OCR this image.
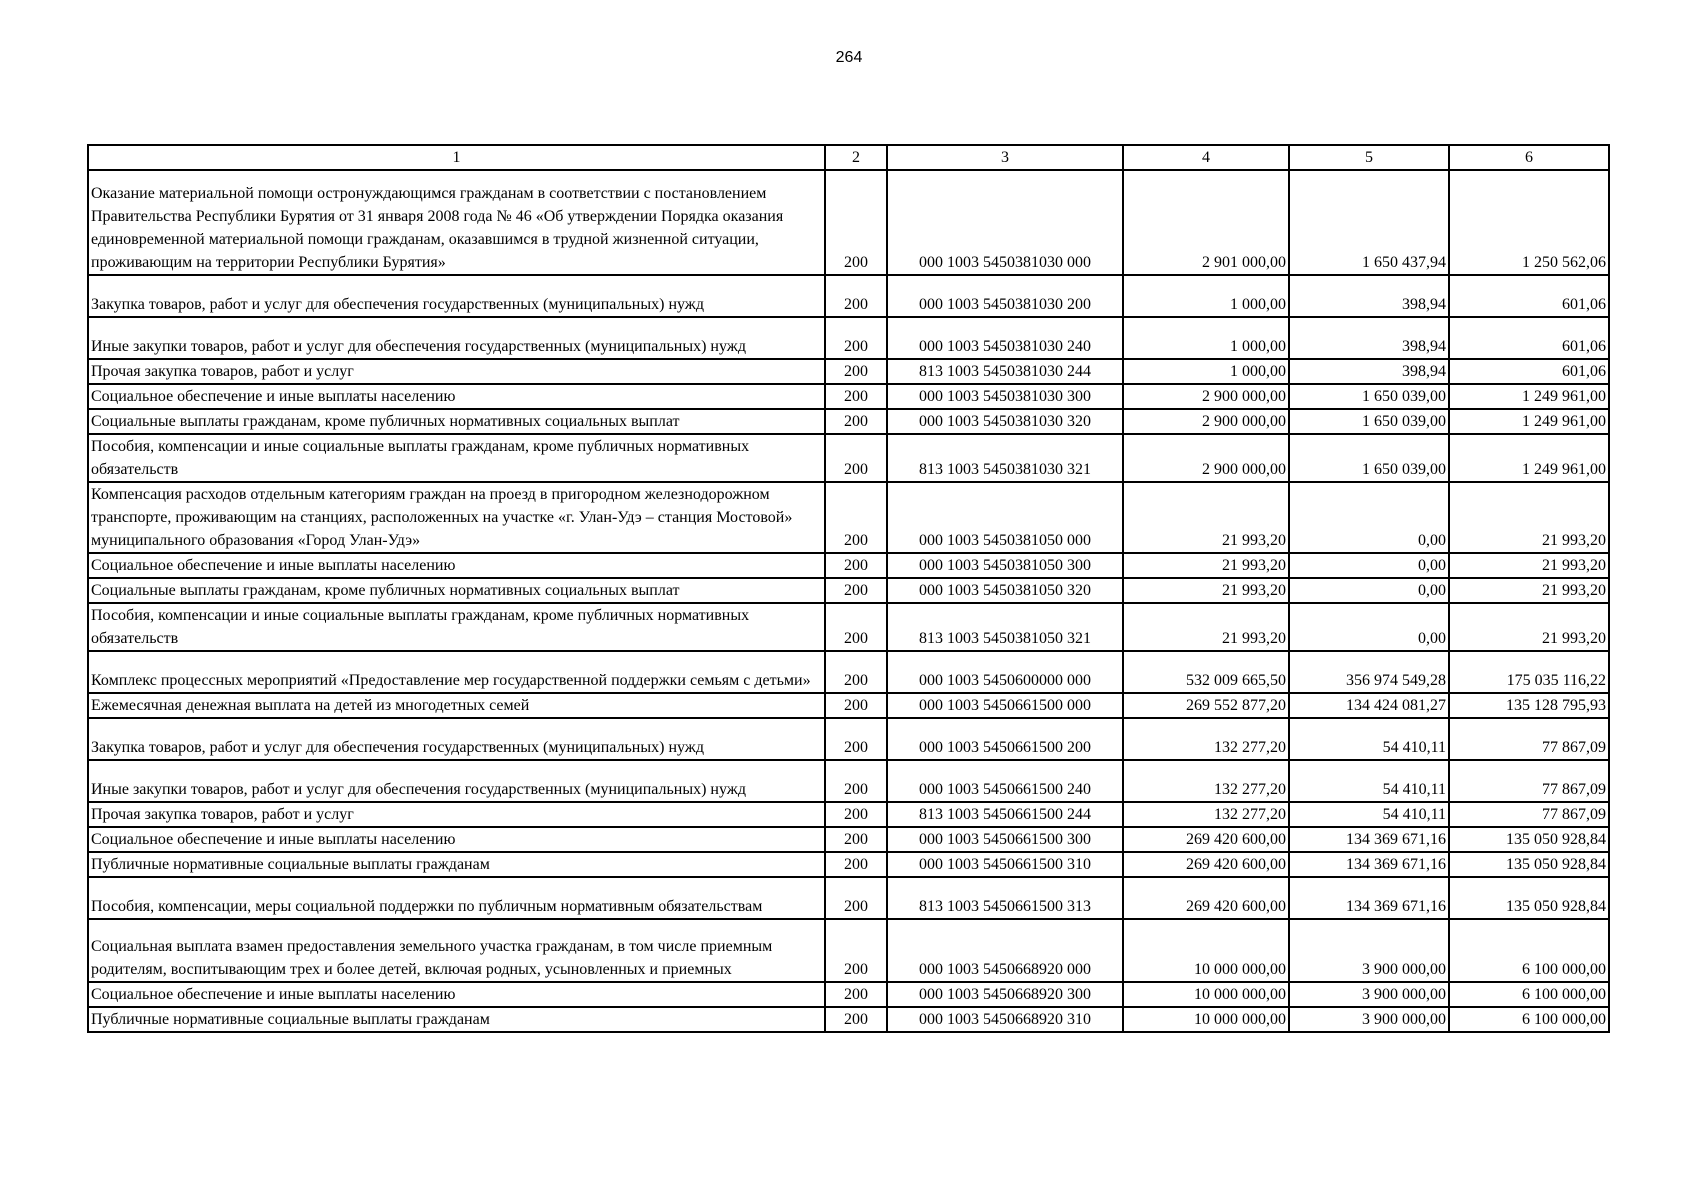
264
1	2	3	4	5	6
Оказание материальной помощи остронуждающимся гражданам в соответствии с постановлением Правительства Республики Бурятия от 31 января 2008 года № 46 «Об утверждении Порядка оказания единовременной материальной помощи гражданам, оказавшимся в трудной жизненной ситуации, проживающим на территории Республики Бурятия»	200	000 1003 5450381030 000	2 901 000,00	1 650 437,94	1 250 562,06

Закупка товаров, работ и услуг для обеспечения государственных (муниципальных) нужд	200	000 1003 5450381030 200	1 000,00	398,94	601,06
Иные закупки товаров, работ и услуг для обеспечения государственных (муниципальных) нужд	200	000 1003 5450381030 240	1 000,00	398,94	601,06
Прочая закупка товаров, работ и услуг	200	813 1003 5450381030 244	1 000,00	398,94	601,06
Социальное обеспечение и иные выплаты населению	200	000 1003 5450381030 300	2 900 000,00	1 650 039,00	1 249 961,00
Социальные выплаты гражданам, кроме публичных нормативных социальных выплат	200	000 1003 5450381030 320	2 900 000,00	1 650 039,00	1 249 961,00
Пособия, компенсации и иные социальные выплаты гражданам, кроме публичных нормативных обязательств	200	813 1003 5450381030 321	2 900 000,00	1 650 039,00	1 249 961,00
Компенсация расходов отдельным категориям граждан на проезд в пригородном железнодорожном транспорте, проживающим на станциях, расположенных на участке «г. Улан-Удэ – станция Мостовой» муниципального образования «Город Улан-Удэ»	200	000 1003 5450381050 000	21 993,20	0,00	21 993,20
Социальное обеспечение и иные выплаты населению	200	000 1003 5450381050 300	21 993,20	0,00	21 993,20
Социальные выплаты гражданам, кроме публичных нормативных социальных выплат	200	000 1003 5450381050 320	21 993,20	0,00	21 993,20
Пособия, компенсации и иные социальные выплаты гражданам, кроме публичных нормативных обязательств	200	813 1003 5450381050 321	21 993,20	0,00	21 993,20
Комплекс процессных мероприятий «Предоставление мер государственной поддержки семьям с детьми»	200	000 1003 5450600000 000	532 009 665,50	356 974 549,28	175 035 116,22
Ежемесячная денежная выплата на детей из многодетных семей	200	000 1003 5450661500 000	269 552 877,20	134 424 081,27	135 128 795,93

Закупка товаров, работ и услуг для обеспечения государственных (муниципальных) нужд	200	000 1003 5450661500 200	132 277,20	54 410,11	77 867,09
Иные закупки товаров, работ и услуг для обеспечения государственных (муниципальных) нужд	200	000 1003 5450661500 240	132 277,20	54 410,11	77 867,09
Прочая закупка товаров, работ и услуг	200	813 1003 5450661500 244	132 277,20	54 410,11	77 867,09
Социальное обеспечение и иные выплаты населению	200	000 1003 5450661500 300	269 420 600,00	134 369 671,16	135 050 928,84
Публичные нормативные социальные выплаты гражданам	200	000 1003 5450661500 310	269 420 600,00	134 369 671,16	135 050 928,84
Пособия, компенсации, меры социальной поддержки по публичным нормативным обязательствам	200	813 1003 5450661500 313	269 420 600,00	134 369 671,16	135 050 928,84
Социальная выплата взамен предоставления земельного участка гражданам, в том числе приемным родителям, воспитывающим трех и более детей, включая родных, усыновленных и приемных	200	000 1003 5450668920 000	10 000 000,00	3 900 000,00	6 100 000,00
Социальное обеспечение и иные выплаты населению	200	000 1003 5450668920 300	10 000 000,00	3 900 000,00	6 100 000,00
Публичные нормативные социальные выплаты гражданам	200	000 1003 5450668920 310	10 000 000,00	3 900 000,00	6 100 000,00
